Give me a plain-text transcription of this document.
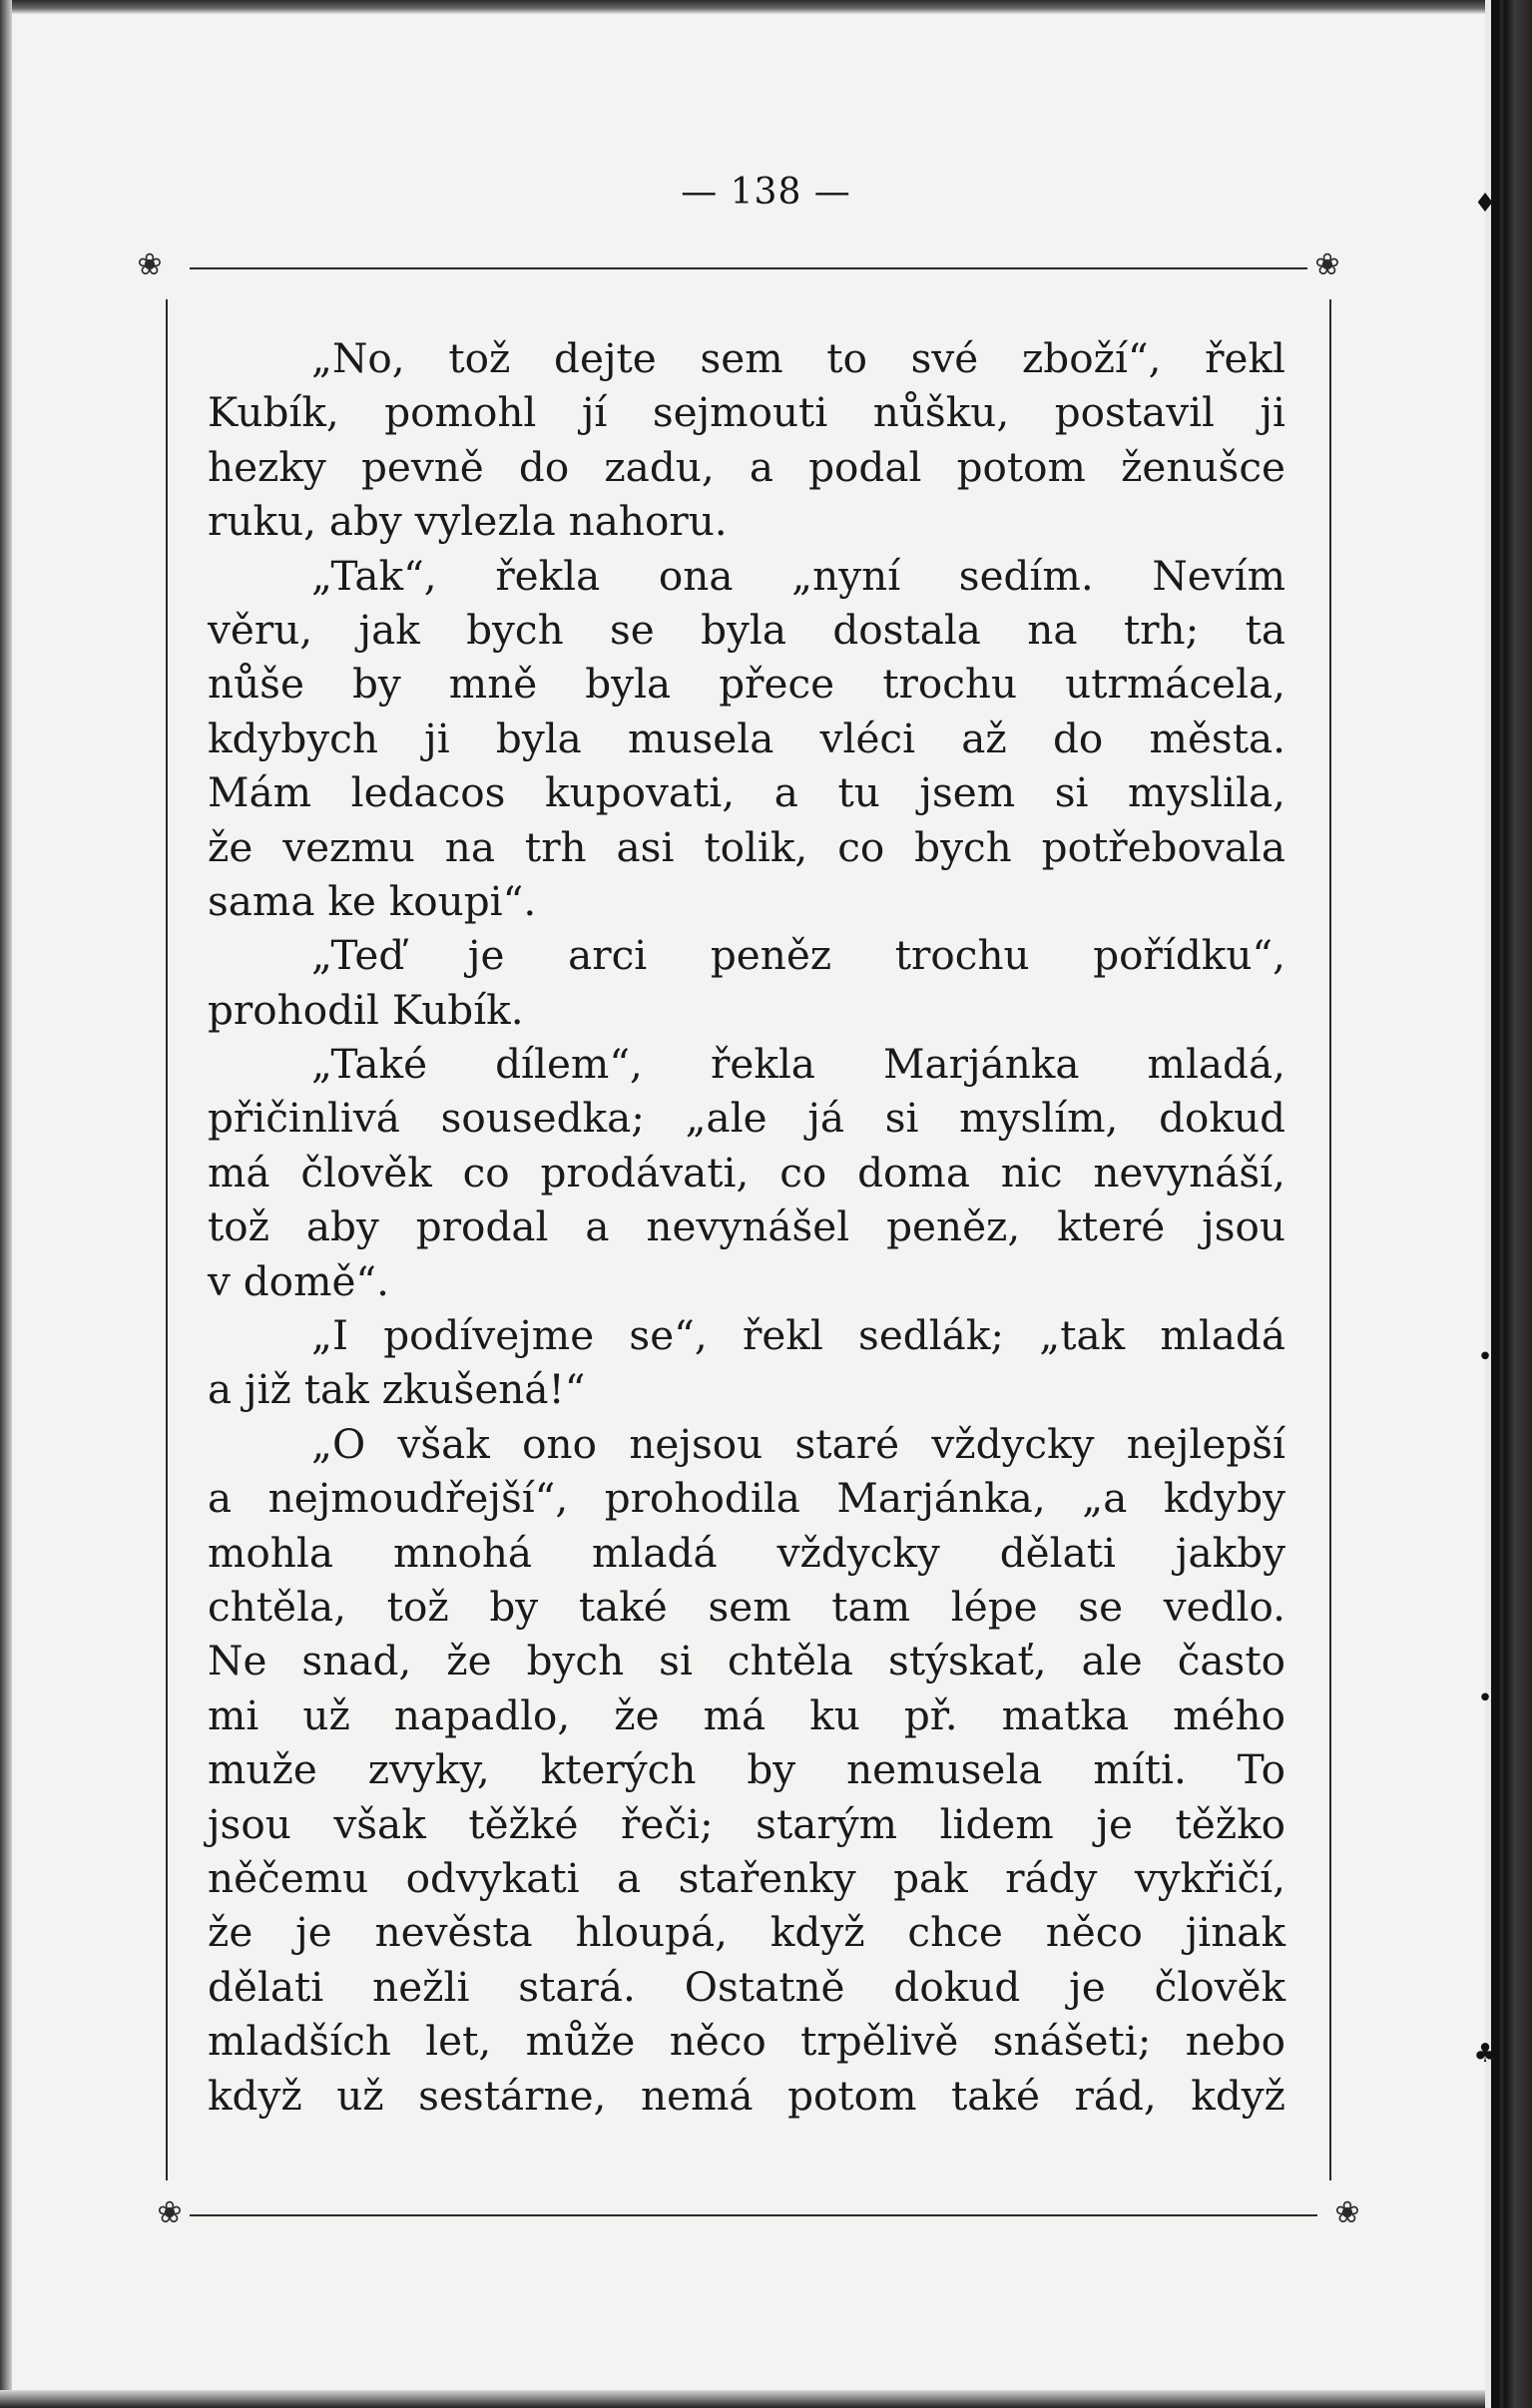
♦
•
•
♣
— 138 —
❀	❀
❀	❀
„No, tož dejte sem to své zboží“, řekl
Kubík, pomohl jí sejmouti nůšku, postavil ji
hezky pevně do zadu, a podal potom ženušce
ruku, aby vylezla nahoru.
„Tak“, řekla ona „nyní sedím. Nevím
věru, jak bych se byla dostala na trh; ta
nůše by mně byla přece trochu utrmácela,
kdybych ji byla musela vléci až do města.
Mám ledacos kupovati, a tu jsem si myslila,
že vezmu na trh asi tolik, co bych potřebovala
sama ke koupi“.
„Teď je arci peněz trochu pořídku“,
prohodil Kubík.
„Také dílem“, řekla Marjánka mladá,
přičinlivá sousedka; „ale já si myslím, dokud
má člověk co prodávati, co doma nic nevynáší,
tož aby prodal a nevynášel peněz, které jsou
v domě“.
„I podívejme se“, řekl sedlák; „tak mladá
a již tak zkušená!“
„O však ono nejsou staré vždycky nejlepší
a nejmoudřejší“, prohodila Marjánka, „a kdyby
mohla mnohá mladá vždycky dělati jakby
chtěla, tož by také sem tam lépe se vedlo.
Ne snad, že bych si chtěla stýskať, ale často
mi už napadlo, že má ku př. matka mého
muže zvyky, kterých by nemusela míti. To
jsou však těžké řeči; starým lidem je těžko
něčemu odvykati a stařenky pak rády vykřičí,
že je nevěsta hloupá, když chce něco jinak
dělati nežli stará. Ostatně dokud je člověk
mladších let, může něco trpělivě snášeti; nebo
když už sestárne, nemá potom také rád, když
